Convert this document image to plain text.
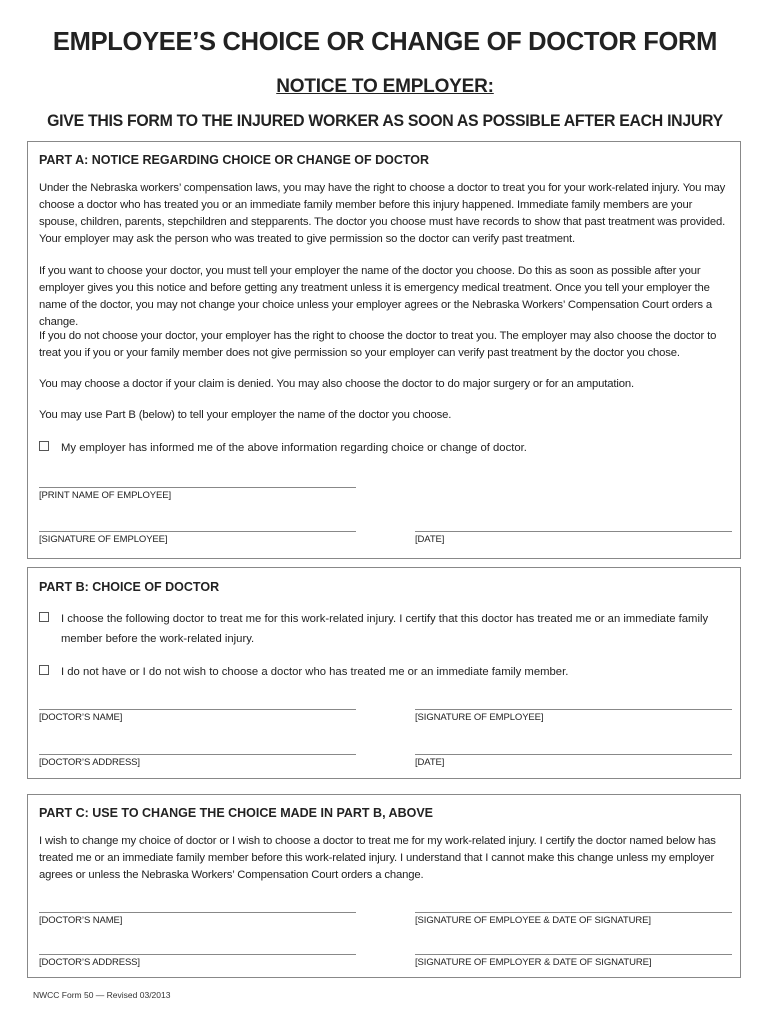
EMPLOYEE’S CHOICE OR CHANGE OF DOCTOR FORM
NOTICE TO EMPLOYER:
GIVE THIS FORM TO THE INJURED WORKER AS SOON AS POSSIBLE AFTER EACH INJURY
PART A: NOTICE REGARDING CHOICE OR CHANGE OF DOCTOR

Under the Nebraska workers’ compensation laws, you may have the right to choose a doctor to treat you for your work-related injury. You may choose a doctor who has treated you or an immediate family member before this injury happened. Immediate family members are your spouse, children, parents, stepchildren and stepparents. The doctor you choose must have records to show that past treatment was provided. Your employer may ask the person who was treated to give permission so the doctor can verify past treatment.

If you want to choose your doctor, you must tell your employer the name of the doctor you choose. Do this as soon as possible after your employer gives you this notice and before getting any treatment unless it is emergency medical treatment. Once you tell your employer the name of the doctor, you may not change your choice unless your employer agrees or the Nebraska Workers’ Compensation Court orders a change.

If you do not choose your doctor, your employer has the right to choose the doctor to treat you. The employer may also choose the doctor to treat you if you or your family member does not give permission so your employer can verify past treatment by the doctor you chose.

You may choose a doctor if your claim is denied. You may also choose the doctor to do major surgery or for an amputation.

You may use Part B (below) to tell your employer the name of the doctor you choose.

My employer has informed me of the above information regarding choice or change of doctor.
[PRINT NAME OF EMPLOYEE]
[SIGNATURE OF EMPLOYEE]	[DATE]
PART B: CHOICE OF DOCTOR
I choose the following doctor to treat me for this work-related injury. I certify that this doctor has treated me or an immediate family member before the work-related injury.
I do not have or I do not wish to choose a doctor who has treated me or an immediate family member.
[DOCTOR’S NAME]	[SIGNATURE OF EMPLOYEE]
[DOCTOR’S ADDRESS]	[DATE]
PART C: USE TO CHANGE THE CHOICE MADE IN PART B, ABOVE

I wish to change my choice of doctor or I wish to choose a doctor to treat me for my work-related injury. I certify the doctor named below has treated me or an immediate family member before this work-related injury. I understand that I cannot make this change unless my employer agrees or unless the Nebraska Workers’ Compensation Court orders a change.

[DOCTOR’S NAME]	[SIGNATURE OF EMPLOYEE & DATE OF SIGNATURE]
[DOCTOR’S ADDRESS]	[SIGNATURE OF EMPLOYER & DATE OF SIGNATURE]
NWCC Form 50 — Revised 03/2013
